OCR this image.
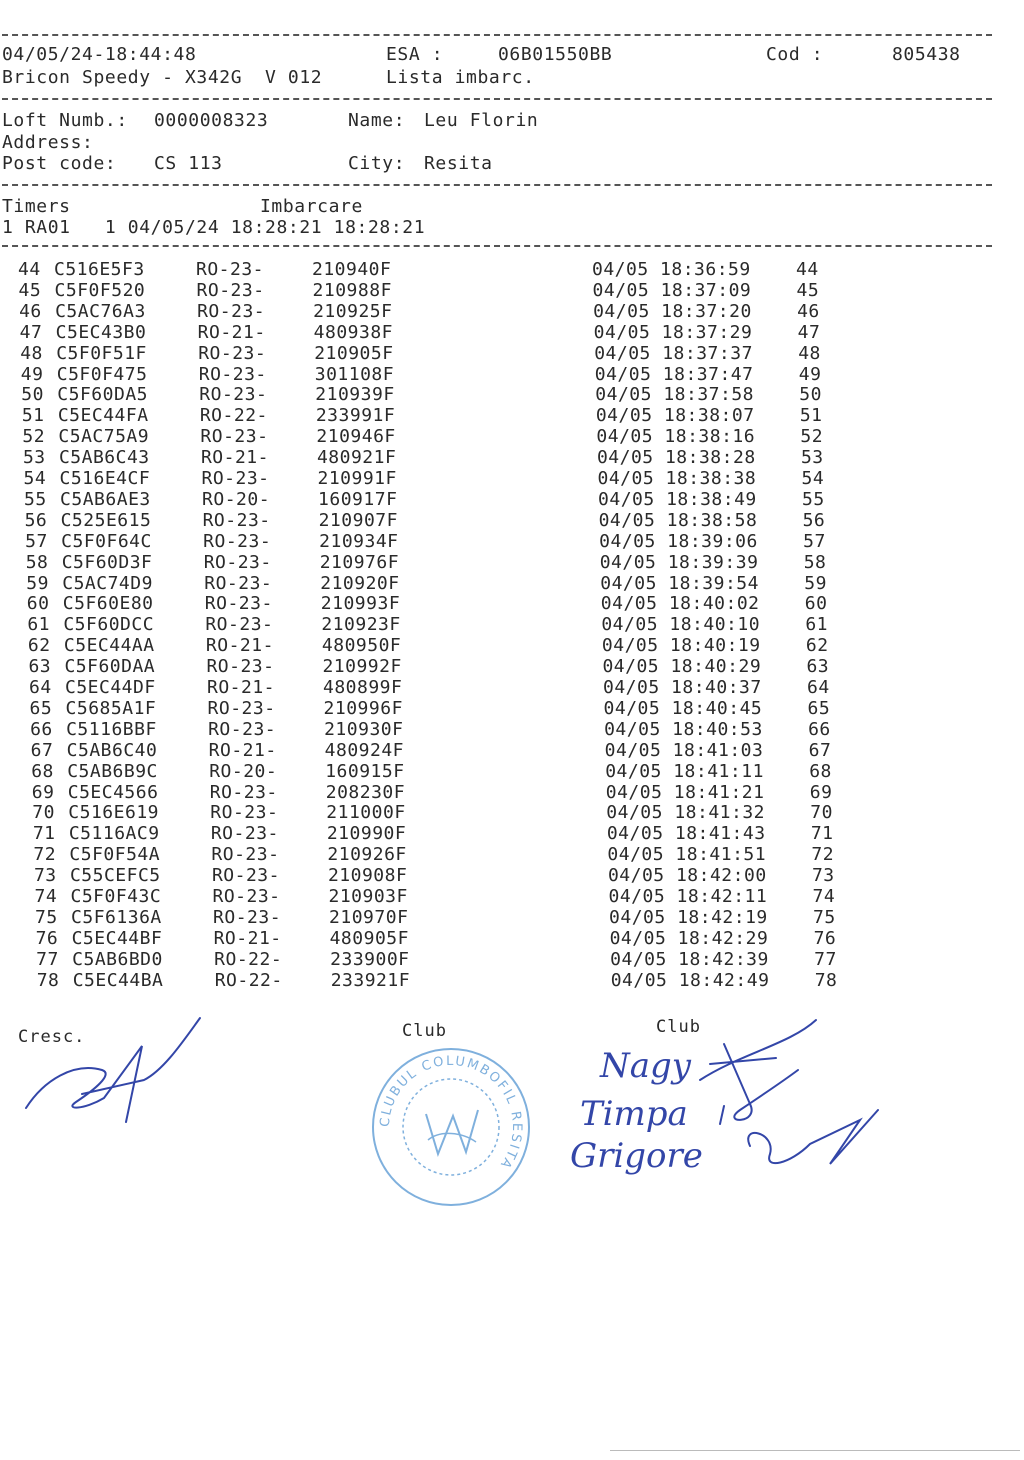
04/05/24-18:44:48	ESA :	06B01550BB	Cod :	805438
Bricon Speedy - X342G  V 012	Lista imbarc.
Loft Numb.: 0000008323	Name: Leu Florin
Address:
Post code: CS 113	City: Resita
Timers	Imbarcare
1 RA01   1 04/05/24 18:28:21 18:28:21
44 C516E5F3	RO-23-	210940F	04/05 18:36:59	44
45 C5F0F520	RO-23-	210988F	04/05 18:37:09	45
46 C5AC76A3	RO-23-	210925F	04/05 18:37:20	46
47 C5EC43B0	RO-21-	480938F	04/05 18:37:29	47
48 C5F0F51F	RO-23-	210905F	04/05 18:37:37	48
49 C5F0F475	RO-23-	301108F	04/05 18:37:47	49
50 C5F60DA5	RO-23-	210939F	04/05 18:37:58	50
51 C5EC44FA	RO-22-	233991F	04/05 18:38:07	51
52 C5AC75A9	RO-23-	210946F	04/05 18:38:16	52
53 C5AB6C43	RO-21-	480921F	04/05 18:38:28	53
54 C516E4CF	RO-23-	210991F	04/05 18:38:38	54
55 C5AB6AE3	RO-20-	160917F	04/05 18:38:49	55
56 C525E615	RO-23-	210907F	04/05 18:38:58	56
57 C5F0F64C	RO-23-	210934F	04/05 18:39:06	57
58 C5F60D3F	RO-23-	210976F	04/05 18:39:39	58
59 C5AC74D9	RO-23-	210920F	04/05 18:39:54	59
60 C5F60E80	RO-23-	210993F	04/05 18:40:02	60
61 C5F60DCC	RO-23-	210923F	04/05 18:40:10	61
62 C5EC44AA	RO-21-	480950F	04/05 18:40:19	62
63 C5F60DAA	RO-23-	210992F	04/05 18:40:29	63
64 C5EC44DF	RO-21-	480899F	04/05 18:40:37	64
65 C5685A1F	RO-23-	210996F	04/05 18:40:45	65
66 C5116BBF	RO-23-	210930F	04/05 18:40:53	66
67 C5AB6C40	RO-21-	480924F	04/05 18:41:03	67
68 C5AB6B9C	RO-20-	160915F	04/05 18:41:11	68
69 C5EC4566	RO-23-	208230F	04/05 18:41:21	69
70 C516E619	RO-23-	211000F	04/05 18:41:32	70
71 C5116AC9	RO-23-	210990F	04/05 18:41:43	71
72 C5F0F54A	RO-23-	210926F	04/05 18:41:51	72
73 C55CEFC5	RO-23-	210908F	04/05 18:42:00	73
74 C5F0F43C	RO-23-	210903F	04/05 18:42:11	74
75 C5F6136A	RO-23-	210970F	04/05 18:42:19	75
76 C5EC44BF	RO-21-	480905F	04/05 18:42:29	76
77 C5AB6BD0	RO-22-	233900F	04/05 18:42:39	77
78 C5EC44BA	RO-22-	233921F	04/05 18:42:49	78
Cresc.	Club	Club
CLUBUL COLUMBOFIL RESITA
Nagy
Timpa
Grigore
